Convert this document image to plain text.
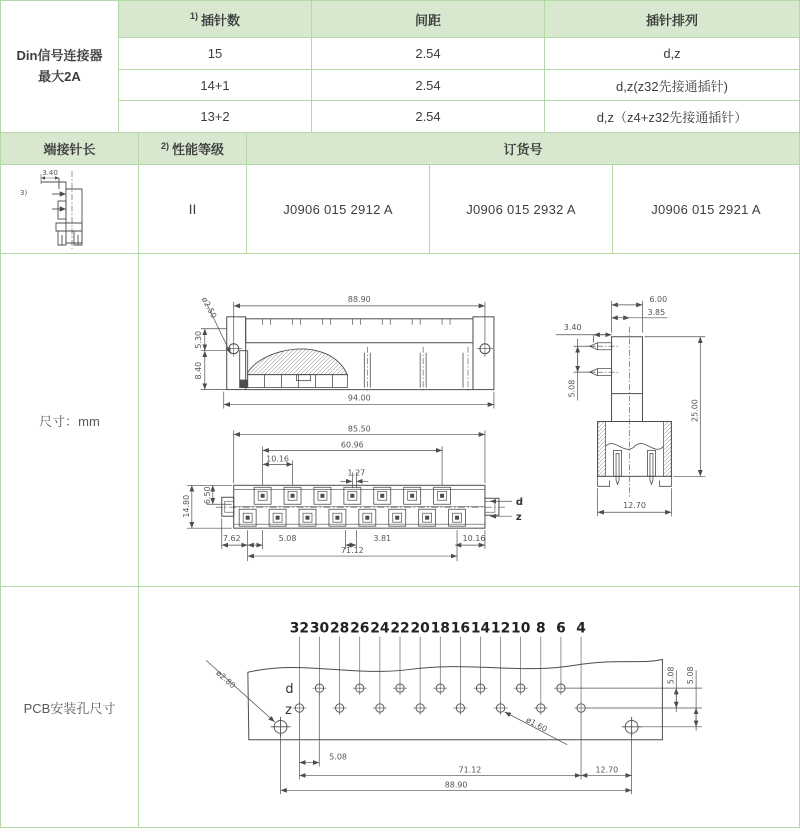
Din信号连接器
最大2A
1) 插针数	间距	插针排列
15	2.54	d,z
14+1	2.54	d,z(z32先接通插针)
13+2	2.54	d,z（z4+z32先接通插针）
端接针长	2) 性能等级	订货号
3)
3.40
II	J0906 015 2912 A	J0906 015 2932 A	J0906 015 2921 A
尺寸：mm
88.90
94.00
5.30
8.40
ø2.50	6.00
3.85
3.40
5.08
25.00
12.70
d
z
85.50
60.96
10.16
1.27
14.80 6.50
7.62	5.08	3.81	10.16
71.12
PCB安装孔尺寸
32 30 28 26 24 22 20 18 16 14 12 10 8 6 4
d
z
ø2.80
ø1.60
5.08 5.08
5.08
71.12	12.70
88.90
